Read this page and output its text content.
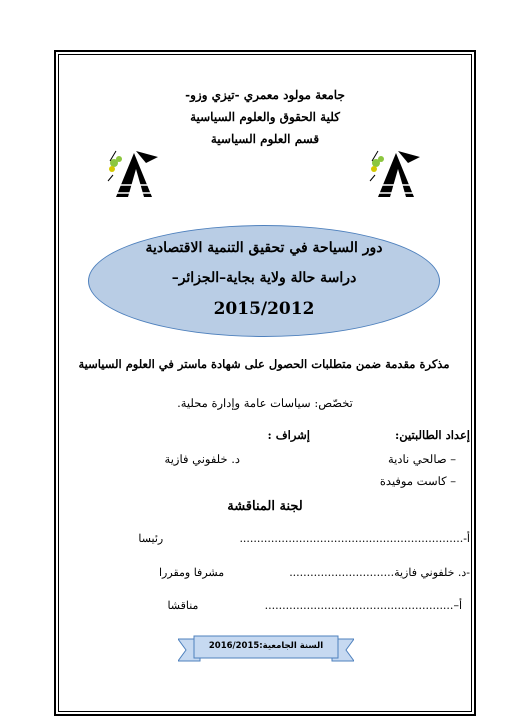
جامعة مولود معمري -تيزي وزو-
كلية الحقوق والعلوم السياسية
قسم العلوم السياسية
دور السياحة في تحقيق التنمية الاقتصادية
دراسة حالة ولاية بجاية–الجزائر–
2015/2012
مذكرة مقدمة ضمن متطلبات الحصول على شهادة ماستر في العلوم السياسية
تخصّص: سياسات عامة وإدارة محلية.
إعداد الطالبتين:
إشراف :
– صالحي نادية
د. خلفوني فازية
– كاست موفيدة
لجنة المناقشة
أ-
................................................................
رئيسا
-د. خلفوني فازية
..............................
مشرفا ومقررا
أ–
......................................................
مناقشا
السنة الجامعية:2016/2015
